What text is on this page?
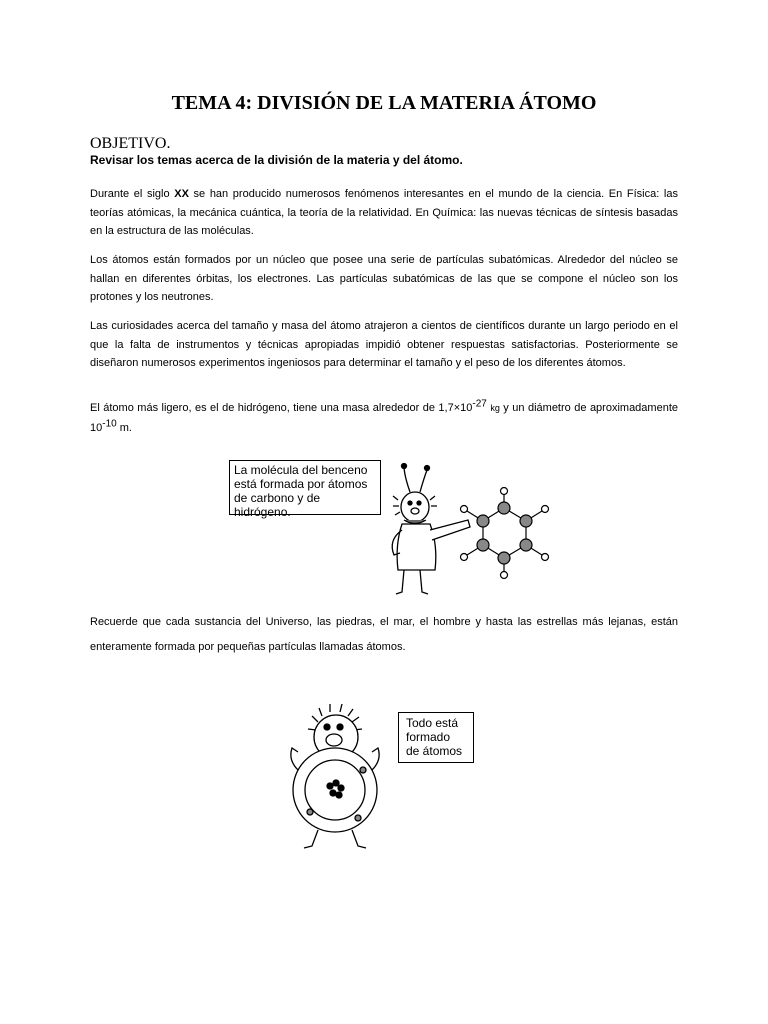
TEMA 4: DIVISIÓN DE LA MATERIA ÁTOMO
OBJETIVO.
Revisar los temas acerca de la división de la materia y del átomo.
Durante el siglo XX se han producido numerosos fenómenos interesantes en el mundo de la ciencia. En Física: las teorías atómicas, la mecánica cuántica, la teoría de la relatividad. En Química: las nuevas técnicas de síntesis basadas en la estructura de las moléculas.
Los átomos están formados por un núcleo que posee una serie de partículas subatómicas. Alrededor del núcleo se hallan en diferentes órbitas, los electrones. Las partículas subatómicas de las que se compone el núcleo son los protones y los neutrones.
Las curiosidades acerca del tamaño y masa del átomo atrajeron a cientos de científicos durante un largo periodo en el que la falta de instrumentos y técnicas apropiadas impidió obtener respuestas satisfactorias. Posteriormente se diseñaron numerosos experimentos ingeniosos para determinar el tamaño y el peso de los diferentes átomos.
El átomo más ligero, es el de hidrógeno, tiene una masa alrededor de $1,7\times 10^{-27}$ kg y un diámetro de aproximadamente $10^{-10}$ m.
Recuerde que cada sustancia del Universo, las piedras, el mar, el hombre y hasta las estrellas más lejanas, están enteramente formada por pequeñas partículas llamadas átomos.
La molécula del benceno está formada por átomos de carbono y de hidrógeno.
Todo está formado de átomos
